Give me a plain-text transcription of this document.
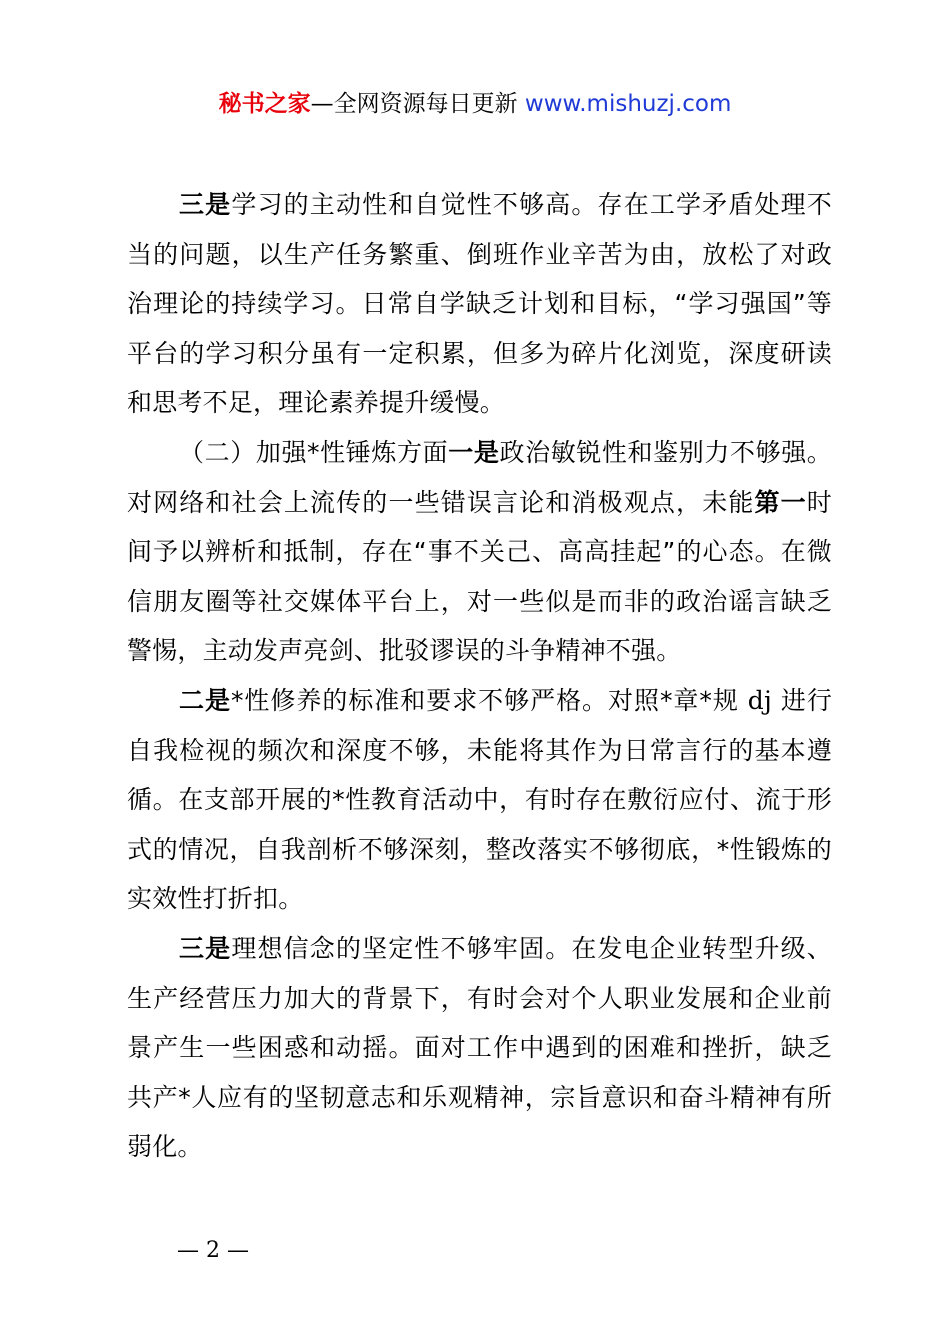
秘书之家—全网资源每日更新 www.mishuzj.com

三是学习的主动性和自觉性不够高。存在工学矛盾处理不当的问题，以生产任务繁重、倒班作业辛苦为由，放松了对政治理论的持续学习。日常自学缺乏计划和目标，“学习强国”等平台的学习积分虽有一定积累，但多为碎片化浏览，深度研读和思考不足，理论素养提升缓慢。

（二）加强*性锤炼方面一是政治敏锐性和鉴别力不够强。对网络和社会上流传的一些错误言论和消极观点，未能第一时间予以辨析和抵制，存在“事不关己、高高挂起”的心态。在微信朋友圈等社交媒体平台上，对一些似是而非的政治谣言缺乏警惕，主动发声亮剑、批驳谬误的斗争精神不强。

二是*性修养的标准和要求不够严格。对照*章*规 dj 进行自我检视的频次和深度不够，未能将其作为日常言行的基本遵循。在支部开展的*性教育活动中，有时存在敷衍应付、流于形式的情况，自我剖析不够深刻，整改落实不够彻底，*性锻炼的实效性打折扣。

三是理想信念的坚定性不够牢固。在发电企业转型升级、生产经营压力加大的背景下，有时会对个人职业发展和企业前景产生一些困惑和动摇。面对工作中遇到的困难和挫折，缺乏共产*人应有的坚韧意志和乐观精神，宗旨意识和奋斗精神有所弱化。

— 2 —
